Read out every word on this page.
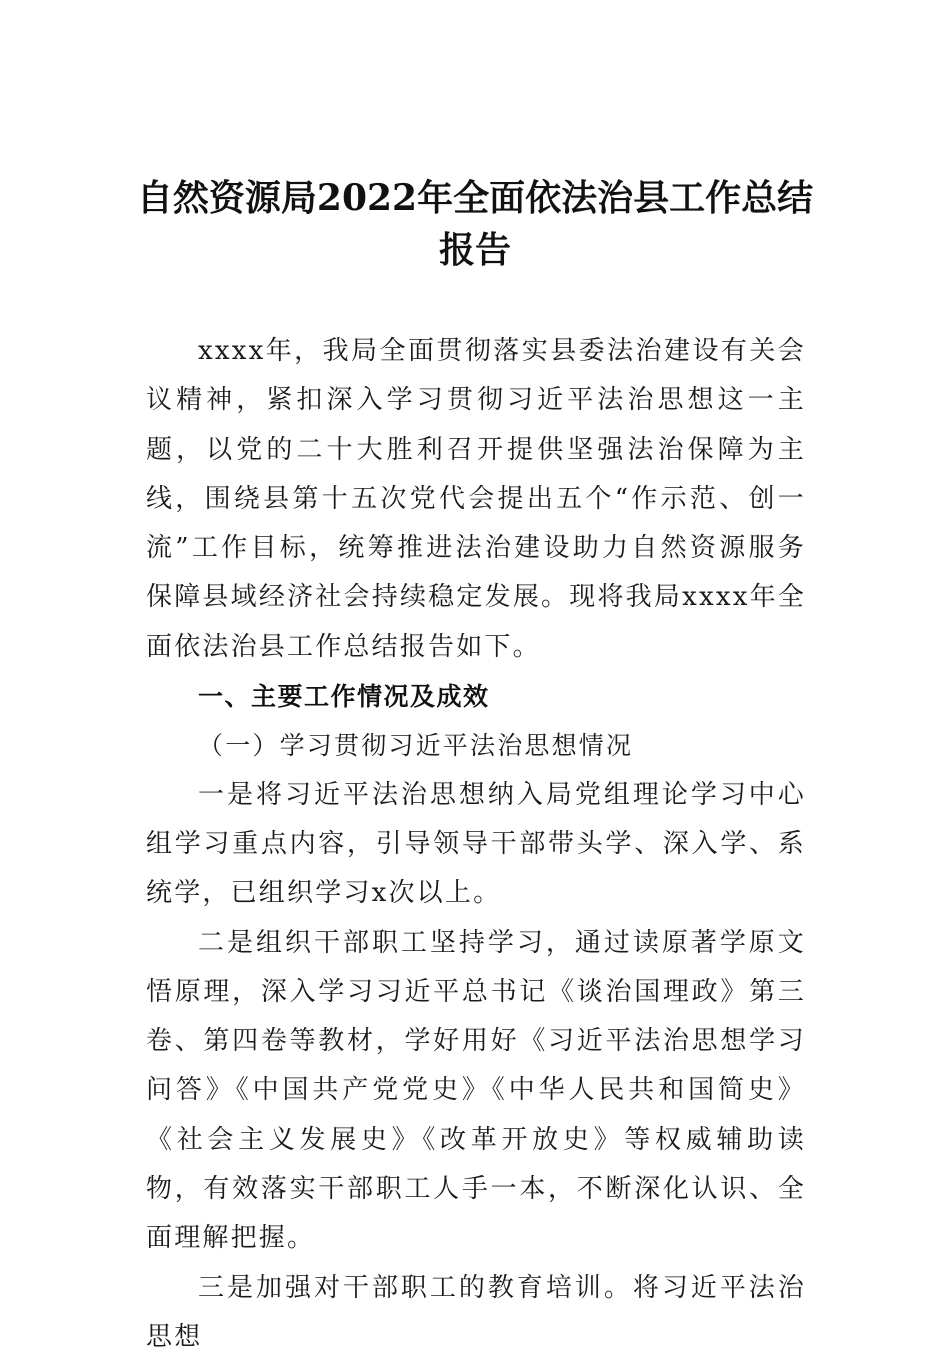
自然资源局2022年全面依法治县工作总结报告

xxxx年，我局全面贯彻落实县委法治建设有关会议精神，紧扣深入学习贯彻习近平法治思想这一主题，以党的二十大胜利召开提供坚强法治保障为主线，围绕县第十五次党代会提出五个“作示范、创一流”工作目标，统筹推进法治建设助力自然资源服务保障县域经济社会持续稳定发展。现将我局xxxx年全面依法治县工作总结报告如下。

一、主要工作情况及成效

（一）学习贯彻习近平法治思想情况

一是将习近平法治思想纳入局党组理论学习中心组学习重点内容，引导领导干部带头学、深入学、系统学，已组织学习x次以上。

二是组织干部职工坚持学习，通过读原著学原文悟原理，深入学习习近平总书记《谈治国理政》第三卷、第四卷等教材，学好用好《习近平法治思想学习问答》《中国共产党党史》《中华人民共和国简史》《社会主义发展史》《改革开放史》等权威辅助读物，有效落实干部职工人手一本，不断深化认识、全面理解把握。

三是加强对干部职工的教育培训。将习近平法治思想
